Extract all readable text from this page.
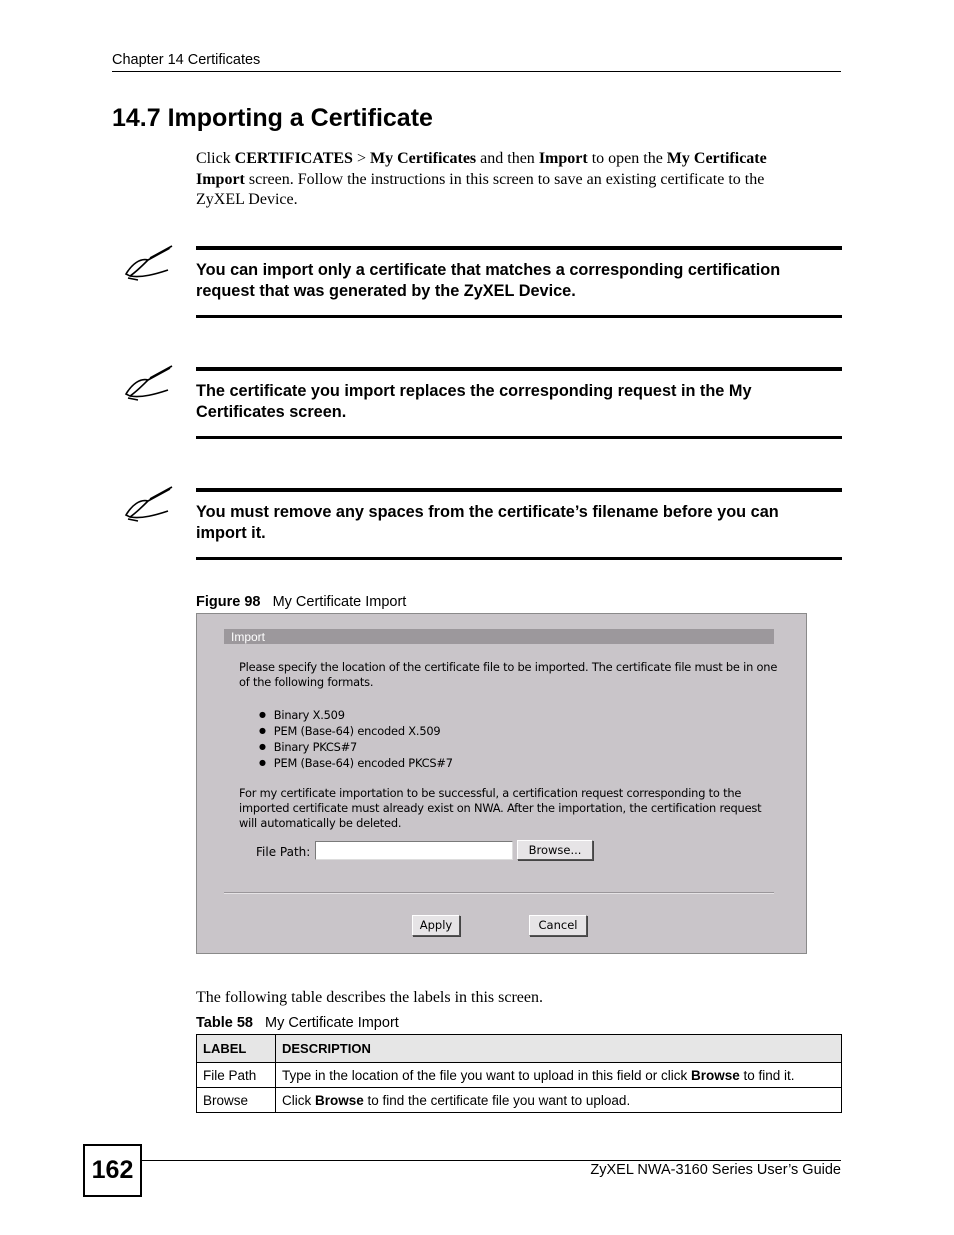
Chapter 14 Certificates
14.7 Importing a Certificate
Click CERTIFICATES > My Certificates and then Import to open the My Certificate Import screen. Follow the instructions in this screen to save an existing certificate to the ZyXEL Device.
You can import only a certificate that matches a corresponding certification request that was generated by the ZyXEL Device.
The certificate you import replaces the corresponding request in the My Certificates screen.
You must remove any spaces from the certificate’s filename before you can import it.
Figure 98 My Certificate Import
Import
Please specify the location of the certificate file to be imported. The certificate file must be in one of the following formats.
● Binary X.509
● PEM (Base-64) encoded X.509
● Binary PKCS#7
● PEM (Base-64) encoded PKCS#7
For my certificate importation to be successful, a certification request corresponding to the imported certificate must already exist on NWA. After the importation, the certification request will automatically be deleted.
File Path:	Browse...
Apply	Cancel
The following table describes the labels in this screen.
Table 58 My Certificate Import
LABEL	DESCRIPTION
File Path	Type in the location of the file you want to upload in this field or click Browse to find it.
Browse	Click Browse to find the certificate file you want to upload.
162	ZyXEL NWA-3160 Series User’s Guide
